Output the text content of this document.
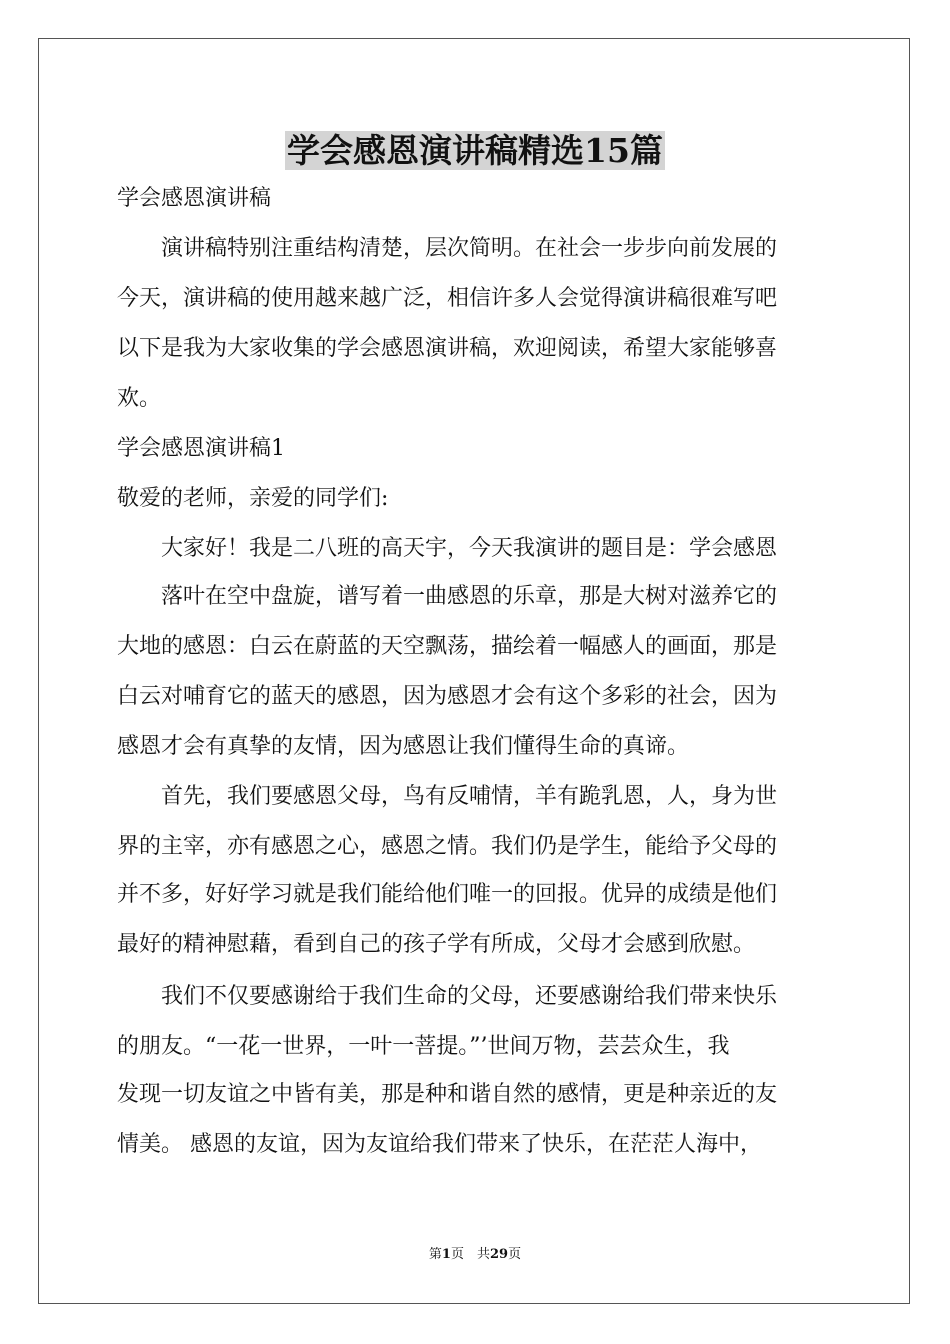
学会感恩演讲稿精选15篇
学会感恩演讲稿
　　演讲稿特别注重结构清楚，层次简明。在社会一步步向前发展的
今天，演讲稿的使用越来越广泛，相信许多人会觉得演讲稿很难写吧
以下是我为大家收集的学会感恩演讲稿，欢迎阅读，希望大家能够喜
欢。
学会感恩演讲稿1
敬爱的老师，亲爱的同学们:
　　大家好！我是二八班的高天宇，今天我演讲的题目是：学会感恩
　　落叶在空中盘旋，谱写着一曲感恩的乐章，那是大树对滋养它的
大地的感恩：白云在蔚蓝的天空飘荡，描绘着一幅感人的画面，那是
白云对哺育它的蓝天的感恩，因为感恩才会有这个多彩的社会，因为
感恩才会有真挚的友情，因为感恩让我们懂得生命的真谛。
　　首先，我们要感恩父母，鸟有反哺情，羊有跪乳恩，人，身为世
界的主宰，亦有感恩之心，感恩之情。我们仍是学生，能给予父母的
并不多，好好学习就是我们能给他们唯一的回报。优异的成绩是他们
最好的精神慰藉，看到自己的孩子学有所成，父母才会感到欣慰。
　　我们不仅要感谢给于我们生命的父母，还要感谢给我们带来快乐
的朋友。“一花一世界，一叶一菩提。”’世间万物，芸芸众生，我
发现一切友谊之中皆有美，那是种和谐自然的感情，更是种亲近的友
情美。 感恩的友谊，因为友谊给我们带来了快乐，在茫茫人海中，
第1页　共29页
